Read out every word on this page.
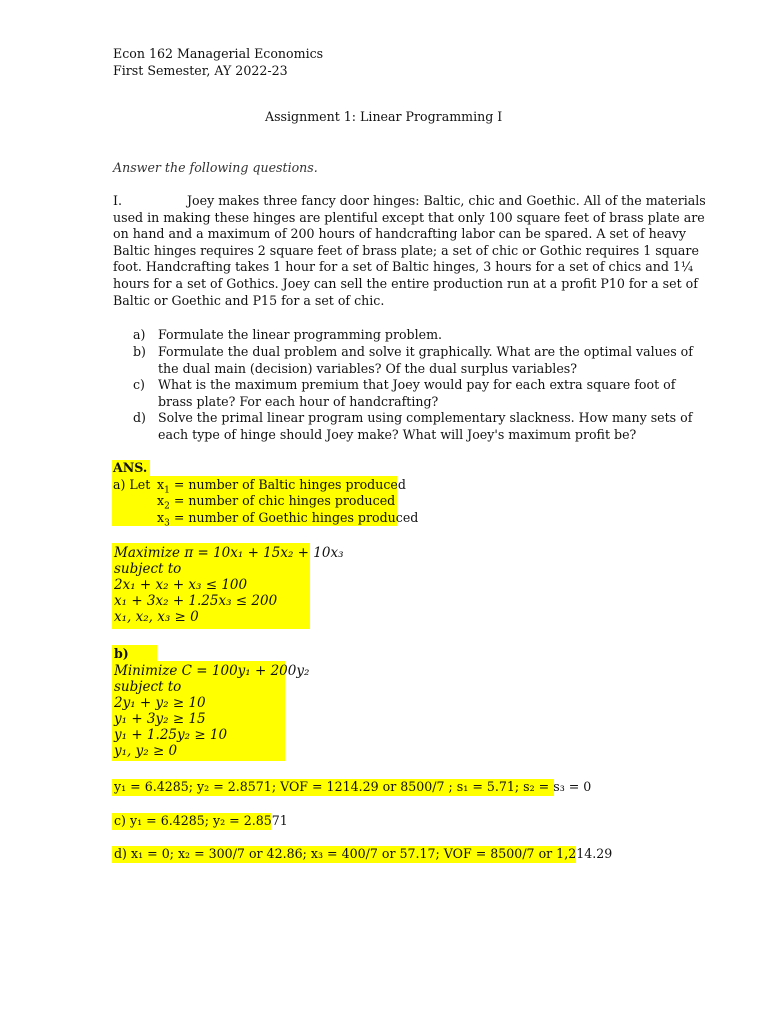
Econ 162 Managerial Economics
First Semester, AY 2022-23
Assignment 1: Linear Programming I
Answer the following questions.
I.	Joey makes three fancy door hinges: Baltic, chic and Goethic. All of the materials
used in making these hinges are plentiful except that only 100 square feet of brass plate are
on hand and a maximum of 200 hours of handcrafting labor can be spared. A set of heavy
Baltic hinges requires 2 square feet of brass plate; a set of chic or Gothic requires 1 square
foot. Handcrafting takes 1 hour for a set of Baltic hinges, 3 hours for a set of chics and 1¼
hours for a set of Gothics. Joey can sell the entire production run at a profit P10 for a set of
Baltic or Goethic and P15 for a set of chic.
a) Formulate the linear programming problem.
b) Formulate the dual problem and solve it graphically. What are the optimal values of
the dual main (decision) variables? Of the dual surplus variables?
c) What is the maximum premium that Joey would pay for each extra square foot of
brass plate? For each hour of handcrafting?
d) Solve the primal linear program using complementary slackness. How many sets of
each type of hinge should Joey make? What will Joey's maximum profit be?
ANS.
a) Let $x_1$ = number of Baltic hinges produced
$x_2$ = number of chic hinges produced
$x_3$ = number of Goethic hinges produced
Maximize π = 10x₁ + 15x₂ + 10x₃
subject to
2x₁ + x₂ + x₃ ≤ 100
x₁ + 3x₂ + 1.25x₃ ≤ 200
x₁, x₂, x₃ ≥ 0
b)
Minimize C = 100y₁ + 200y₂
subject to
2y₁ + y₂ ≥ 10
y₁ + 3y₂ ≥ 15
y₁ + 1.25y₂ ≥ 10
y₁, y₂ ≥ 0
y₁ = 6.4285; y₂ = 2.8571; VOF = 1214.29 or 8500/7 ; s₁ = 5.71; s₂ = s₃ = 0
c) y₁ = 6.4285; y₂ = 2.8571
d) x₁ = 0; x₂ = 300/7 or 42.86; x₃ = 400/7 or 57.17; VOF = 8500/7 or 1,214.29
